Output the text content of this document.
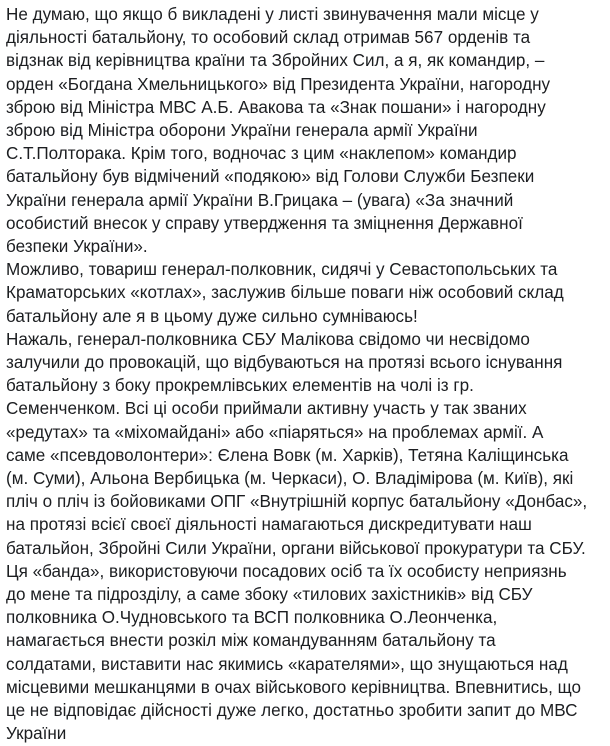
Не думаю, що якщо б викладені у листі звинувачення мали місце у
діяльності батальйону, то особовий склад отримав 567 орденів та
відзнак від керівництва країни та Збройних Сил, а я, як командир, –
орден «Богдана Хмельницького» від Президента України, нагородну
зброю від Міністра МВС А.Б. Авакова та «Знак пошани» і нагородну
зброю від Міністра оборони України генерала армії України
С.Т.Полторака. Крім того, водночас з цим «наклепом» командир
батальйону був відмічений «подякою» від Голови Служби Безпеки
України генерала армії України В.Грицака – (увага) «За значний
особистий внесок у справу утвердження та зміцнення Державної
безпеки України».
Можливо, товариш генерал-полковник, сидячі у Севастопольських та
Краматорських «котлах», заслужив більше поваги ніж особовий склад
батальйону але я в цьому дуже сильно сумніваюсь!
Нажаль, генерал-полковника СБУ Малікова свідомо чи несвідомо
залучили до провокацій, що відбуваються на протязі всього існування
батальйону з боку прокремлівських елементів на чолі із гр.
Семенченком. Всі ці особи приймали активну участь у так званих
«редутах» та «міхомайдані» або «піаряться» на проблемах армії. А
саме «псевдоволонтери»: Єлена Вовк (м. Харків), Тетяна Каліщинська
(м. Суми), Альона Вербицька (м. Черкаси), О. Владімірова (м. Київ), які
пліч о пліч із бойовиками ОПГ «Внутрішній корпус батальйону «Донбас»,
на протязі всієї своєї діяльності намагаються дискредитувати наш
батальйон, Збройні Сили України, органи військової прокуратури та СБУ.
Ця «банда», використовуючи посадових осіб та їх особисту неприязнь
до мене та підрозділу, а саме збоку «тилових захістників» від СБУ
полковника О.Чудновського та ВСП полковника О.Леонченка,
намагається внести розкіл між командуванням батальйону та
солдатами, виставити нас якимись «карателями», що знущаються над
місцевими мешканцями в очах військового керівництва. Впевнитись, що
це не відповідає дійсності дуже легко, достатньо зробити запит до МВС
України
